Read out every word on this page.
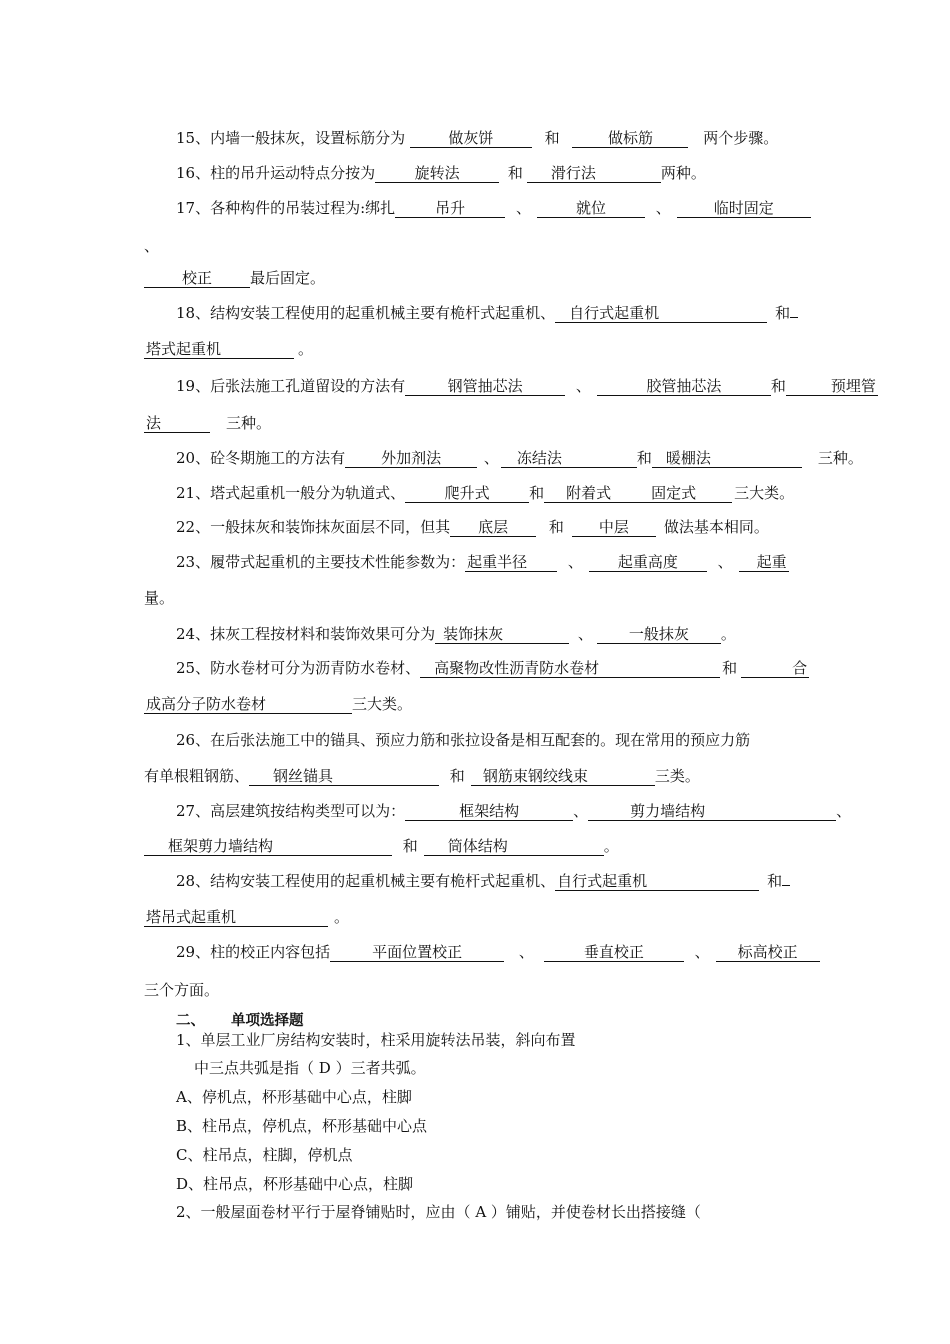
15、内墙一般抹灰，设置标筋分为	做灰饼	和	做标筋	两个步骤。
16、柱的吊升运动特点分按为	旋转法	和 滑行法	两种。
17、各种构件的吊装过程为:绑扎	吊升	、	就位	、	临时固定
、
校正	最后固定。
18、结构安装工程使用的起重机械主要有桅杆式起重机、 自行式起重机	和
塔式起重机	。
19、后张法施工孔道留设的方法有	钢管抽芯法	、	胶管抽芯法	和	预埋管
法	三种。
20、砼冬期施工的方法有 外加剂法	、 冻结法	和 暖棚法	三种。
21、塔式起重机一般分为轨道式、	爬升式	和 附着式	固定式	三大类。
22、一般抹灰和装饰抹灰面层不同，但其 底层	和 中层 做法基本相同。
23、履带式起重机的主要技术性能参数为： 起重半径	、 起重高度	、 起重
量。
24、抹灰工程按材料和装饰效果可分为 装饰抹灰	、 一般抹灰 。
25、防水卷材可分为沥青防水卷材、 高聚物改性沥青防水卷材	和	合
成高分子防水卷材	三大类。
26、在后张法施工中的锚具、预应力筋和张拉设备是相互配套的。现在常用的预应力筋
有单根粗钢筋、 钢丝锚具	和 钢筋束钢绞线束	三类。
27、高层建筑按结构类型可以为：	框架结构	、	剪力墙结构	、
框架剪力墙结构	和 筒体结构	。
28、结构安装工程使用的起重机械主要有桅杆式起重机、 自行式起重机	和
塔吊式起重机	。
29、柱的校正内容包括	平面位置校正	、	垂直校正	、 标高校正
三个方面。
二、 单项选择题
1、单层工业厂房结构安装时，柱采用旋转法吊装，斜向布置
中三点共弧是指（ D ）三者共弧。
A、停机点，杯形基础中心点，柱脚
B、柱吊点，停机点，杯形基础中心点
C、柱吊点，柱脚，停机点
D、柱吊点，杯形基础中心点，柱脚
2、一般屋面卷材平行于屋脊铺贴时，应由（ A ）铺贴，并使卷材长出搭接缝（
